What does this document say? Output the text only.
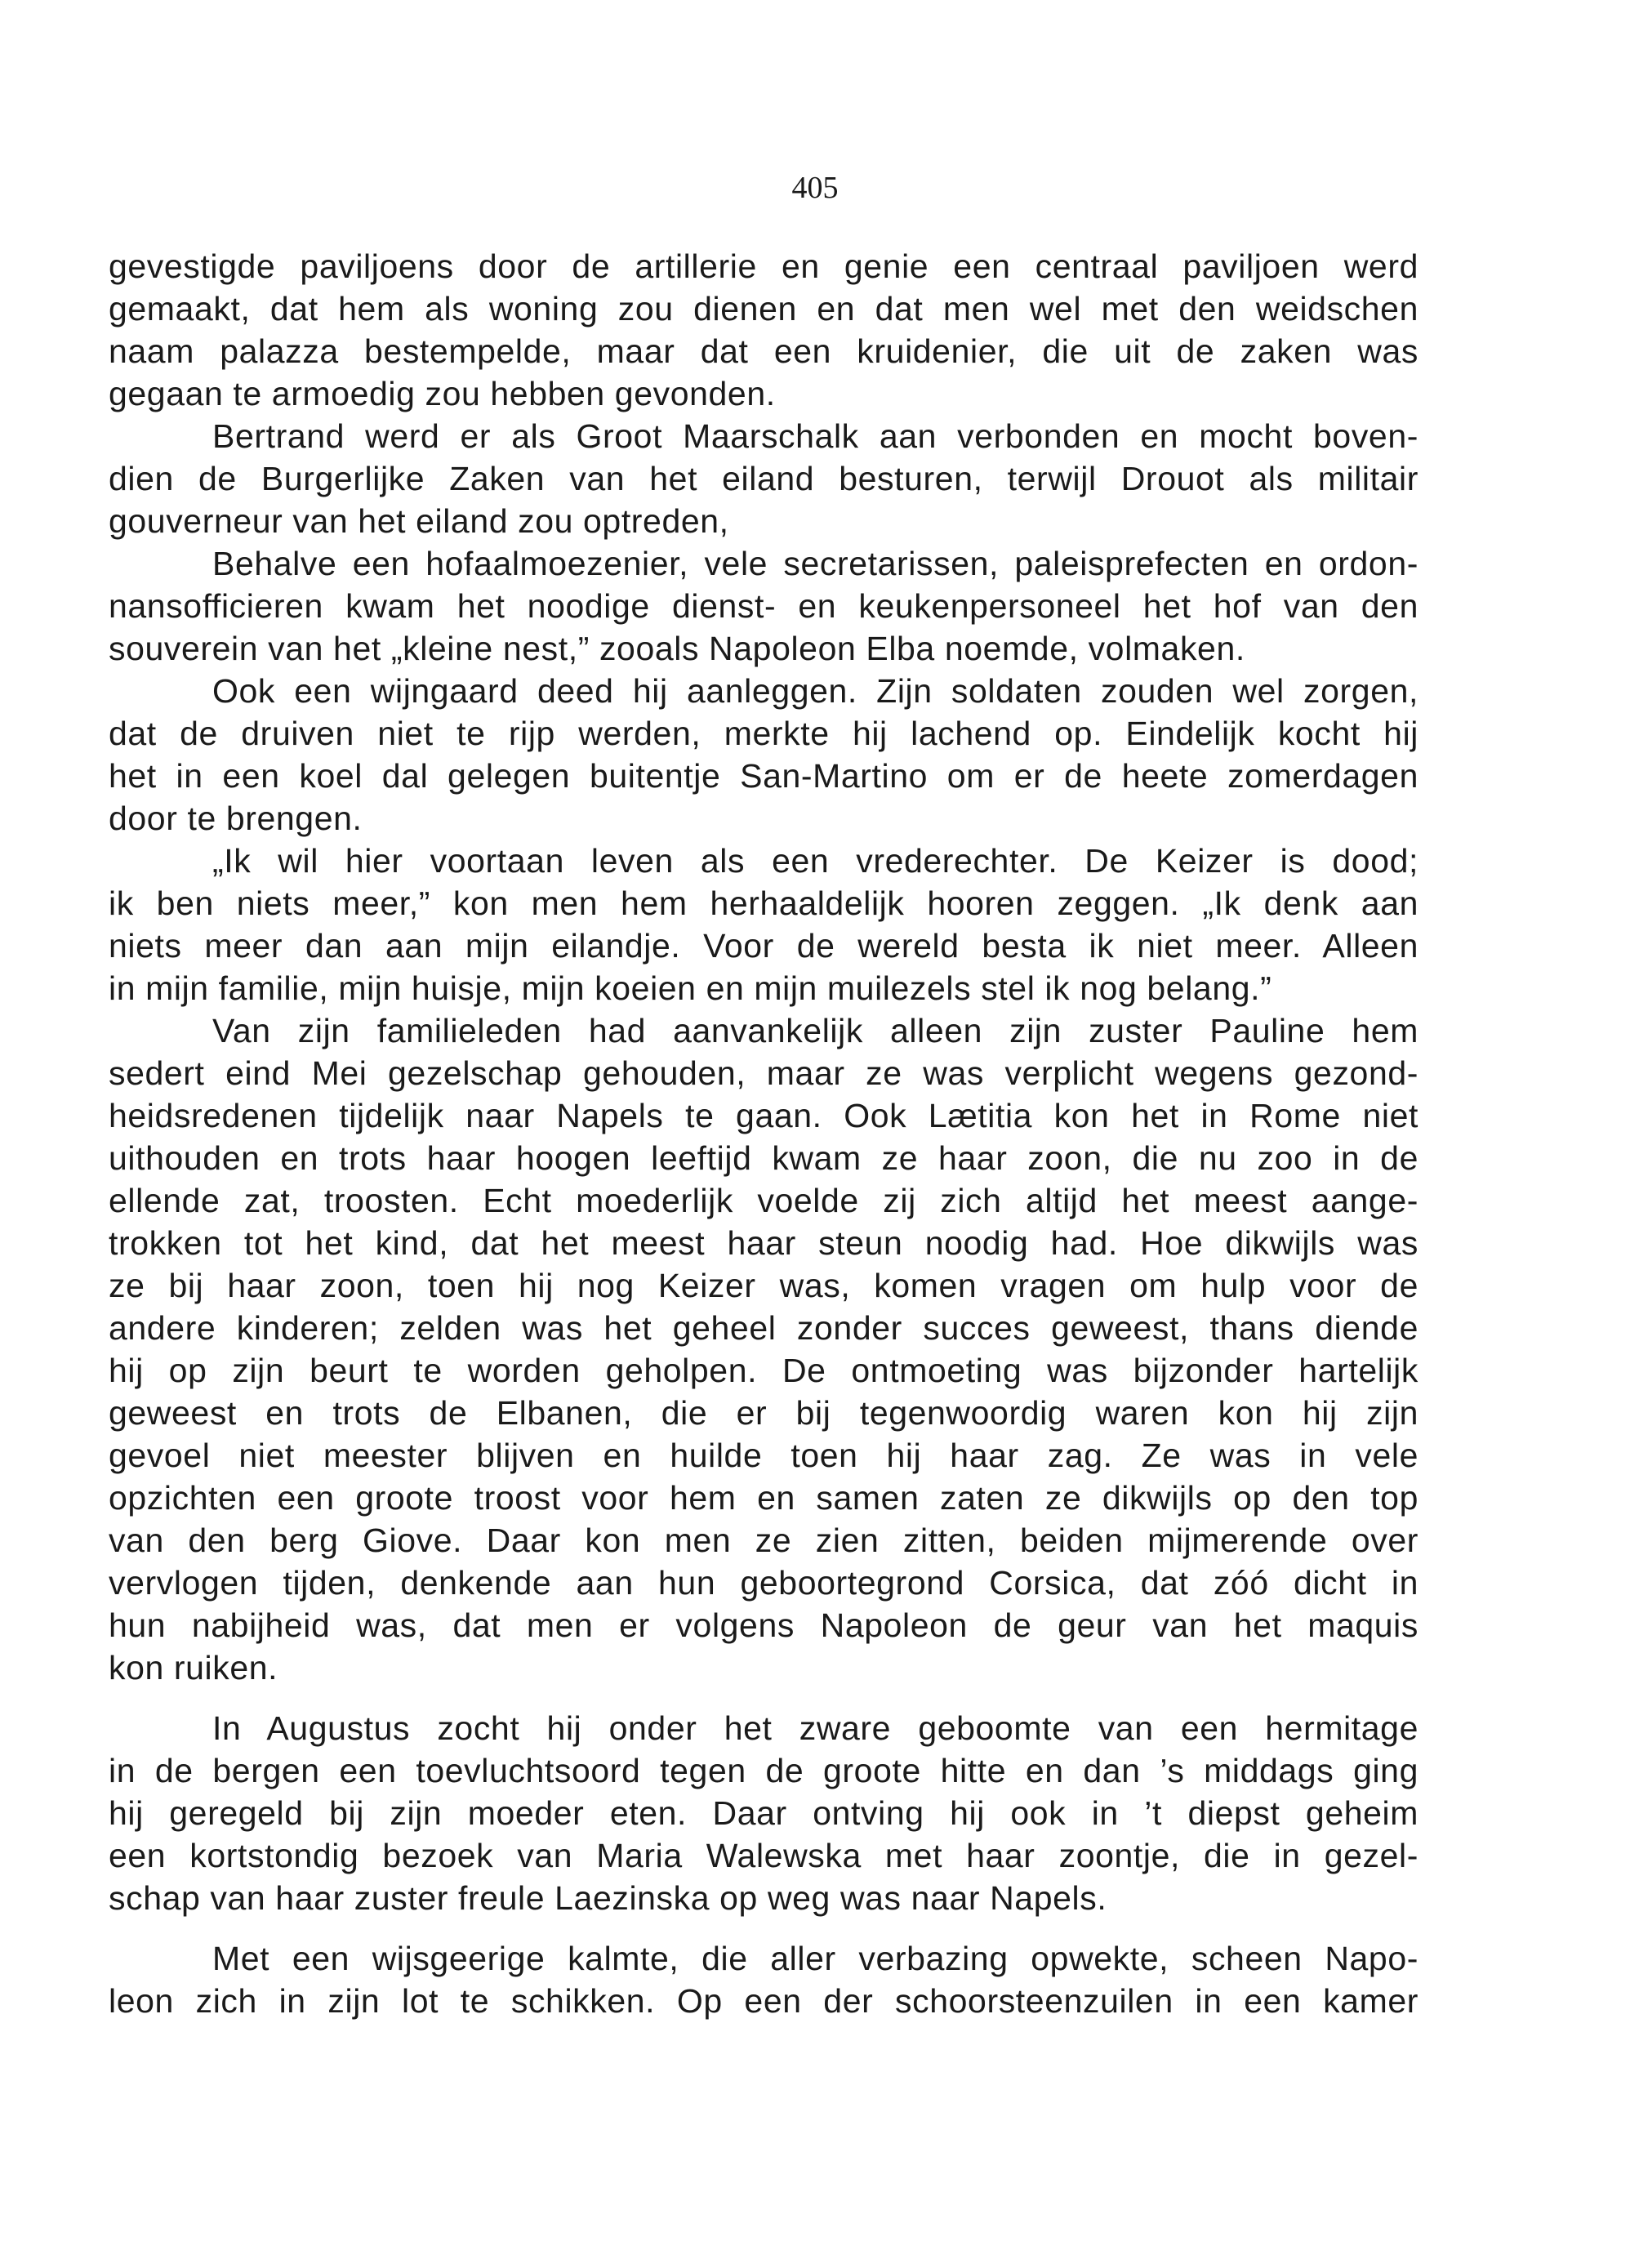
405
gevestigde paviljoens door de artillerie en genie een centraal paviljoen werd
gemaakt, dat hem als woning zou dienen en dat men wel met den weidschen
naam palazza bestempelde, maar dat een kruidenier, die uit de zaken was
gegaan te armoedig zou hebben gevonden.
Bertrand werd er als Groot Maarschalk aan verbonden en mocht boven-
dien de Burgerlijke Zaken van het eiland besturen, terwijl Drouot als militair
gouverneur van het eiland zou optreden,
Behalve een hofaalmoezenier, vele secretarissen, paleisprefecten en ordon-
nansofficieren kwam het noodige dienst- en keukenpersoneel het hof van den
souverein van het „kleine nest,” zooals Napoleon Elba noemde, volmaken.
Ook een wijngaard deed hij aanleggen. Zijn soldaten zouden wel zorgen,
dat de druiven niet te rijp werden, merkte hij lachend op. Eindelijk kocht hij
het in een koel dal gelegen buitentje San-Martino om er de heete zomerdagen
door te brengen.
„Ik wil hier voortaan leven als een vrederechter. De Keizer is dood;
ik ben niets meer,” kon men hem herhaaldelijk hooren zeggen. „Ik denk aan
niets meer dan aan mijn eilandje. Voor de wereld besta ik niet meer. Alleen
in mijn familie, mijn huisje, mijn koeien en mijn muilezels stel ik nog belang.”
Van zijn familieleden had aanvankelijk alleen zijn zuster Pauline hem
sedert eind Mei gezelschap gehouden, maar ze was verplicht wegens gezond-
heidsredenen tijdelijk naar Napels te gaan. Ook Lætitia kon het in Rome niet
uithouden en trots haar hoogen leeftijd kwam ze haar zoon, die nu zoo in de
ellende zat, troosten. Echt moederlijk voelde zij zich altijd het meest aange-
trokken tot het kind, dat het meest haar steun noodig had. Hoe dikwijls was
ze bij haar zoon, toen hij nog Keizer was, komen vragen om hulp voor de
andere kinderen; zelden was het geheel zonder succes geweest, thans diende
hij op zijn beurt te worden geholpen. De ontmoeting was bijzonder hartelijk
geweest en trots de Elbanen, die er bij tegenwoordig waren kon hij zijn
gevoel niet meester blijven en huilde toen hij haar zag. Ze was in vele
opzichten een groote troost voor hem en samen zaten ze dikwijls op den top
van den berg Giove. Daar kon men ze zien zitten, beiden mijmerende over
vervlogen tijden, denkende aan hun geboortegrond Corsica, dat zóó dicht in
hun nabijheid was, dat men er volgens Napoleon de geur van het maquis
kon ruiken.
In Augustus zocht hij onder het zware geboomte van een hermitage
in de bergen een toevluchtsoord tegen de groote hitte en dan ’s middags ging
hij geregeld bij zijn moeder eten. Daar ontving hij ook in ’t diepst geheim
een kortstondig bezoek van Maria Walewska met haar zoontje, die in gezel-
schap van haar zuster freule Laezinska op weg was naar Napels.
Met een wijsgeerige kalmte, die aller verbazing opwekte, scheen Napo-
leon zich in zijn lot te schikken. Op een der schoorsteenzuilen in een kamer
